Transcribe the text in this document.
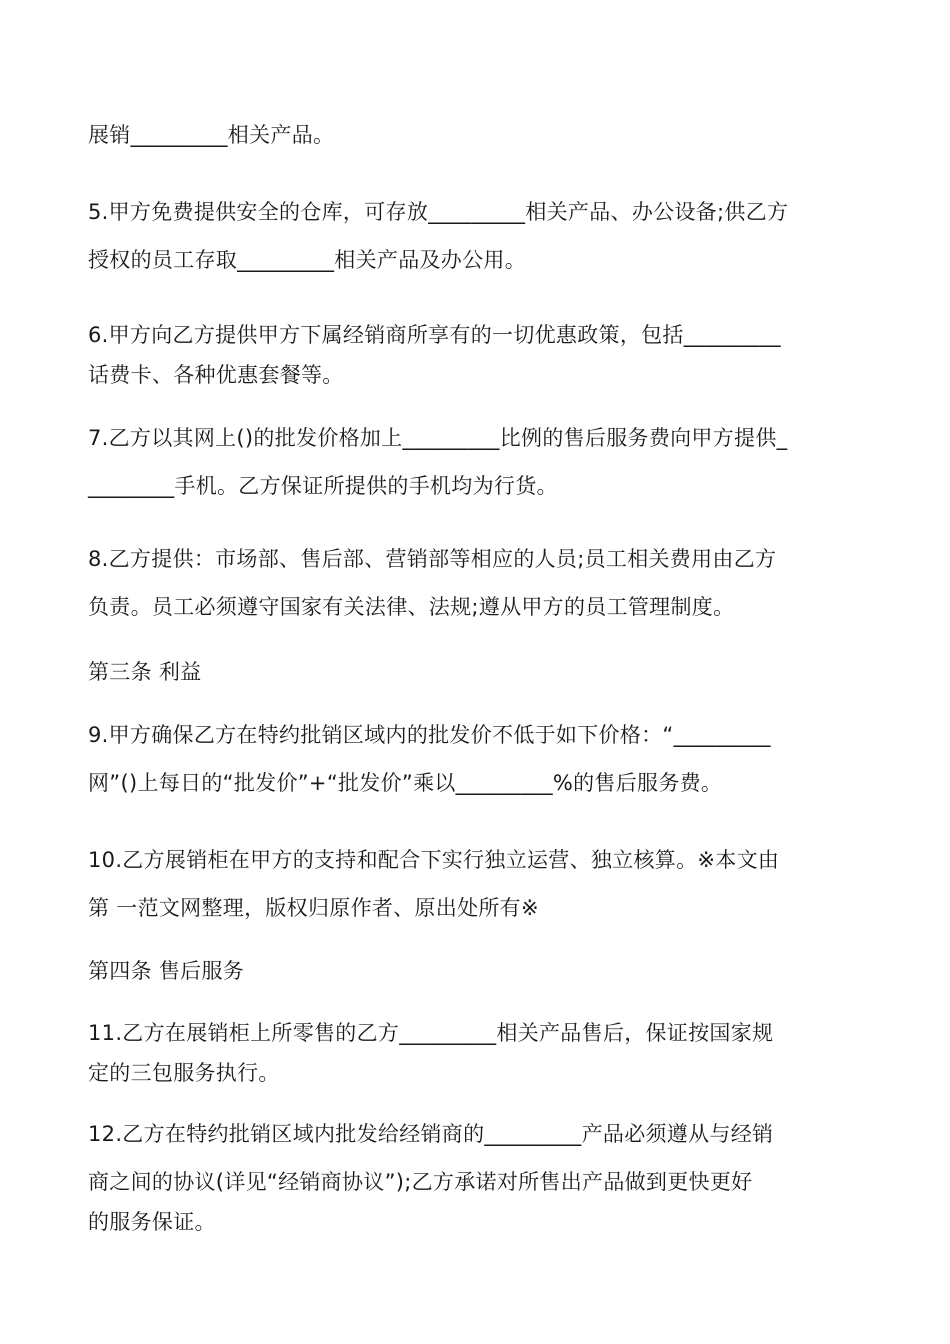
展销_________相关产品。
5.甲方免费提供安全的仓库，可存放_________相关产品、办公设备;供乙方
授权的员工存取_________相关产品及办公用。
6.甲方向乙方提供甲方下属经销商所享有的一切优惠政策，包括_________
话费卡、各种优惠套餐等。
7.乙方以其网上()的批发价格加上_________比例的售后服务费向甲方提供_
________手机。乙方保证所提供的手机均为行货。
8.乙方提供：市场部、售后部、营销部等相应的人员;员工相关费用由乙方
负责。员工必须遵守国家有关法律、法规;遵从甲方的员工管理制度。
第三条 利益
9.甲方确保乙方在特约批销区域内的批发价不低于如下价格：“_________
网”()上每日的“批发价”+“批发价”乘以_________%的售后服务费。
10.乙方展销柜在甲方的支持和配合下实行独立运营、独立核算。※本文由
第 一范文网整理，版权归原作者、原出处所有※
第四条 售后服务
11.乙方在展销柜上所零售的乙方_________相关产品售后，保证按国家规
定的三包服务执行。
12.乙方在特约批销区域内批发给经销商的_________产品必须遵从与经销
商之间的协议(详见“经销商协议”);乙方承诺对所售出产品做到更快更好
的服务保证。
